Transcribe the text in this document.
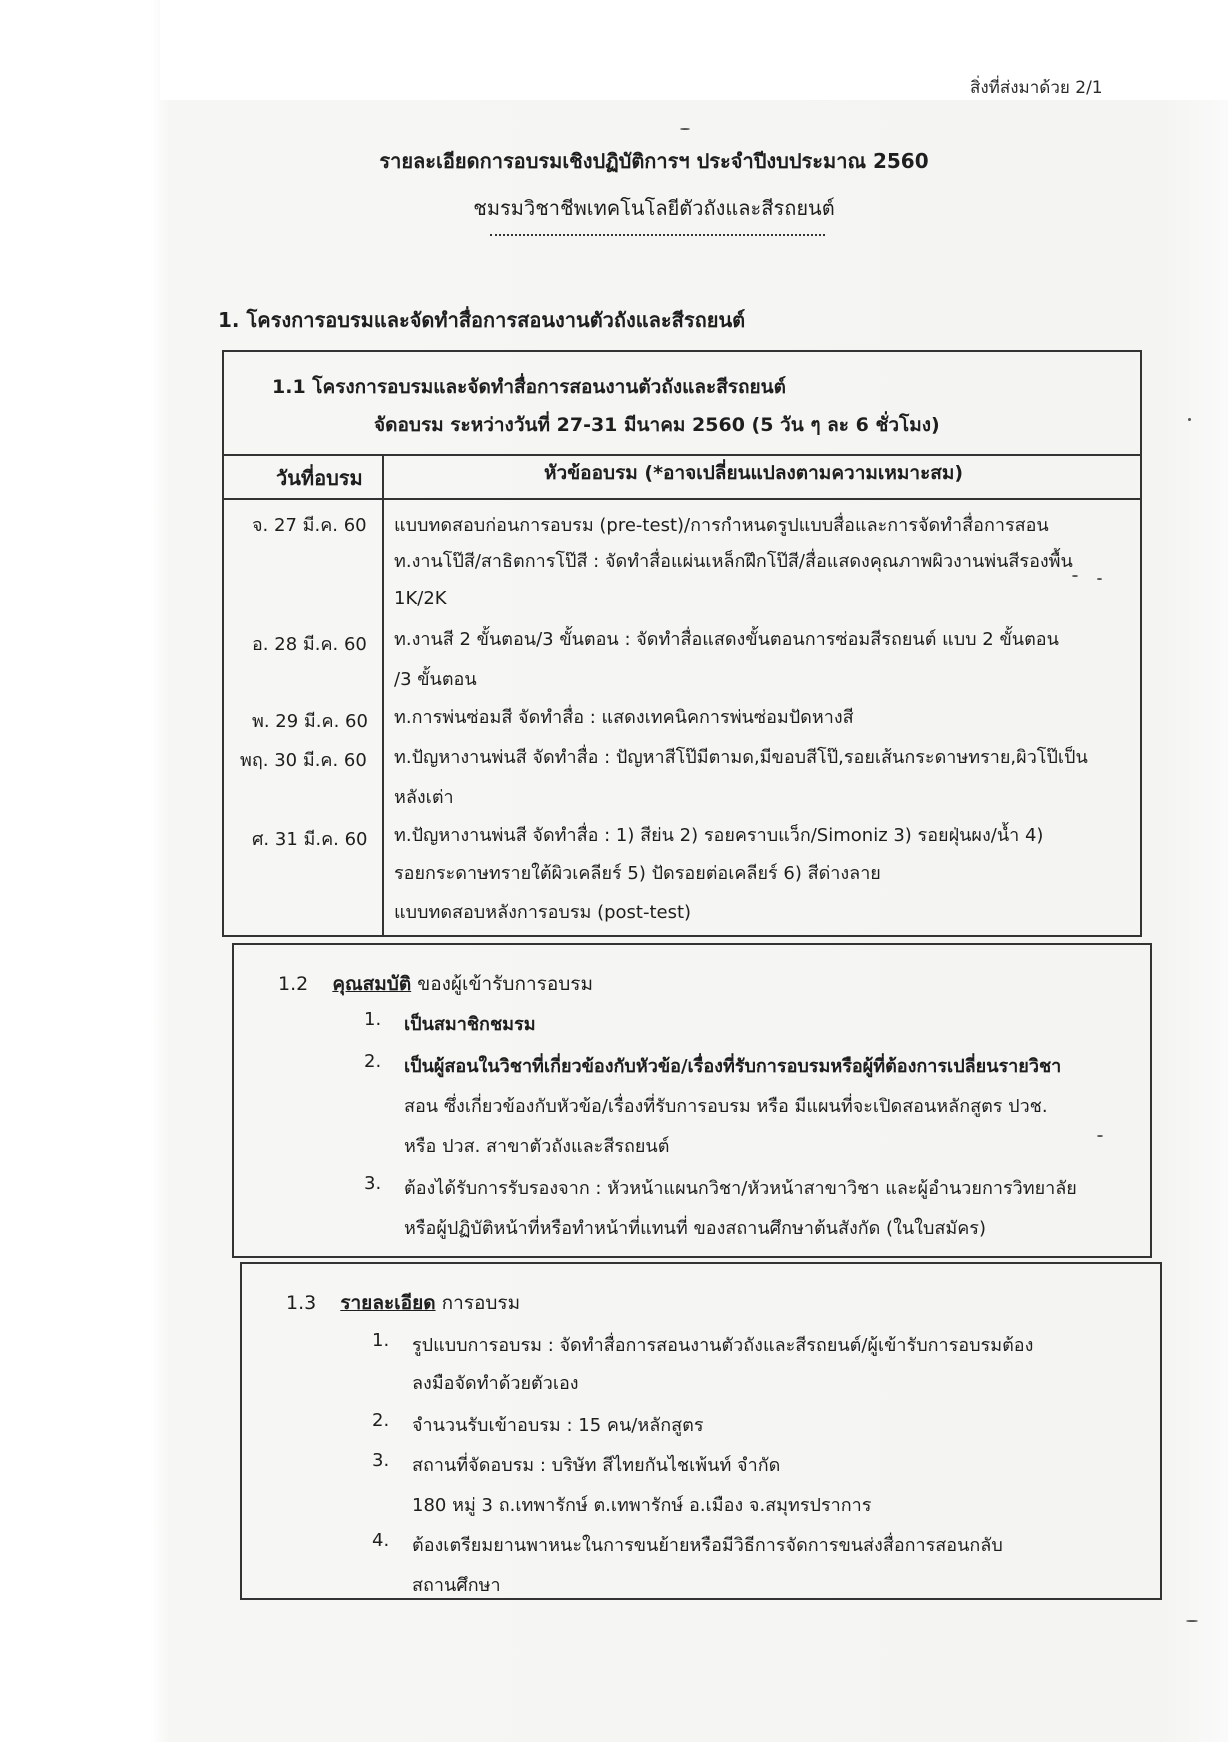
สิ่งที่ส่งมาด้วย 2/1
รายละเอียดการอบรมเชิงปฏิบัติการฯ ประจำปีงบประมาณ 2560
ชมรมวิชาชีพเทคโนโลยีตัวถังและสีรถยนต์
1. โครงการอบรมและจัดทำสื่อการสอนงานตัวถังและสีรถยนต์
1.1 โครงการอบรมและจัดทำสื่อการสอนงานตัวถังและสีรถยนต์
จัดอบรม ระหว่างวันที่ 27-31 มีนาคม 2560 (5 วัน ๆ ละ 6 ชั่วโมง)
วันที่อบรม	หัวข้ออบรม (*อาจเปลี่ยนแปลงตามความเหมาะสม)
จ. 27 มี.ค. 60
อ. 28 มี.ค. 60
พ. 29 มี.ค. 60
พฤ. 30 มี.ค. 60
ศ. 31 มี.ค. 60
แบบทดสอบก่อนการอบรม (pre-test)/การกำหนดรูปแบบสื่อและการจัดทำสื่อการสอน
ท.งานโป๊สี/สาธิตการโป๊สี : จัดทำสื่อแผ่นเหล็กฝึกโป๊สี/สื่อแสดงคุณภาพผิวงานพ่นสีรองพื้น
1K/2K
ท.งานสี 2 ขั้นตอน/3 ขั้นตอน : จัดทำสื่อแสดงขั้นตอนการซ่อมสีรถยนต์ แบบ 2 ขั้นตอน
/3 ขั้นตอน
ท.การพ่นซ่อมสี จัดทำสื่อ : แสดงเทคนิคการพ่นซ่อมปัดหางสี
ท.ปัญหางานพ่นสี จัดทำสื่อ : ปัญหาสีโป๊มีตามด,มีขอบสีโป๊,รอยเส้นกระดาษทราย,ผิวโป๊เป็น
หลังเต่า
ท.ปัญหางานพ่นสี จัดทำสื่อ : 1) สีย่น 2) รอยคราบแว็ก/Simoniz 3) รอยฝุ่นผง/น้ำ 4)
รอยกระดาษทรายใต้ผิวเคลียร์ 5) ปัดรอยต่อเคลียร์ 6) สีด่างลาย
แบบทดสอบหลังการอบรม (post-test)
1.2 คุณสมบัติ ของผู้เข้ารับการอบรม
1. เป็นสมาชิกชมรม
2. เป็นผู้สอนในวิชาที่เกี่ยวข้องกับหัวข้อ/เรื่องที่รับการอบรมหรือผู้ที่ต้องการเปลี่ยนรายวิชา
สอน ซึ่งเกี่ยวข้องกับหัวข้อ/เรื่องที่รับการอบรม หรือ มีแผนที่จะเปิดสอนหลักสูตร ปวช.
หรือ ปวส. สาขาตัวถังและสีรถยนต์
3. ต้องได้รับการรับรองจาก : หัวหน้าแผนกวิชา/หัวหน้าสาขาวิชา และผู้อำนวยการวิทยาลัย
หรือผู้ปฏิบัติหน้าที่หรือทำหน้าที่แทนที่ ของสถานศึกษาต้นสังกัด (ในใบสมัคร)
1.3 รายละเอียด การอบรม
1. รูปแบบการอบรม : จัดทำสื่อการสอนงานตัวถังและสีรถยนต์/ผู้เข้ารับการอบรมต้อง
ลงมือจัดทำด้วยตัวเอง
2. จำนวนรับเข้าอบรม : 15 คน/หลักสูตร
3. สถานที่จัดอบรม : บริษัท สีไทยกันไชเพ้นท์ จำกัด
180 หมู่ 3 ถ.เทพารักษ์ ต.เทพารักษ์ อ.เมือง จ.สมุทรปราการ
4. ต้องเตรียมยานพาหนะในการขนย้ายหรือมีวิธีการจัดการขนส่งสื่อการสอนกลับ
สถานศึกษา
